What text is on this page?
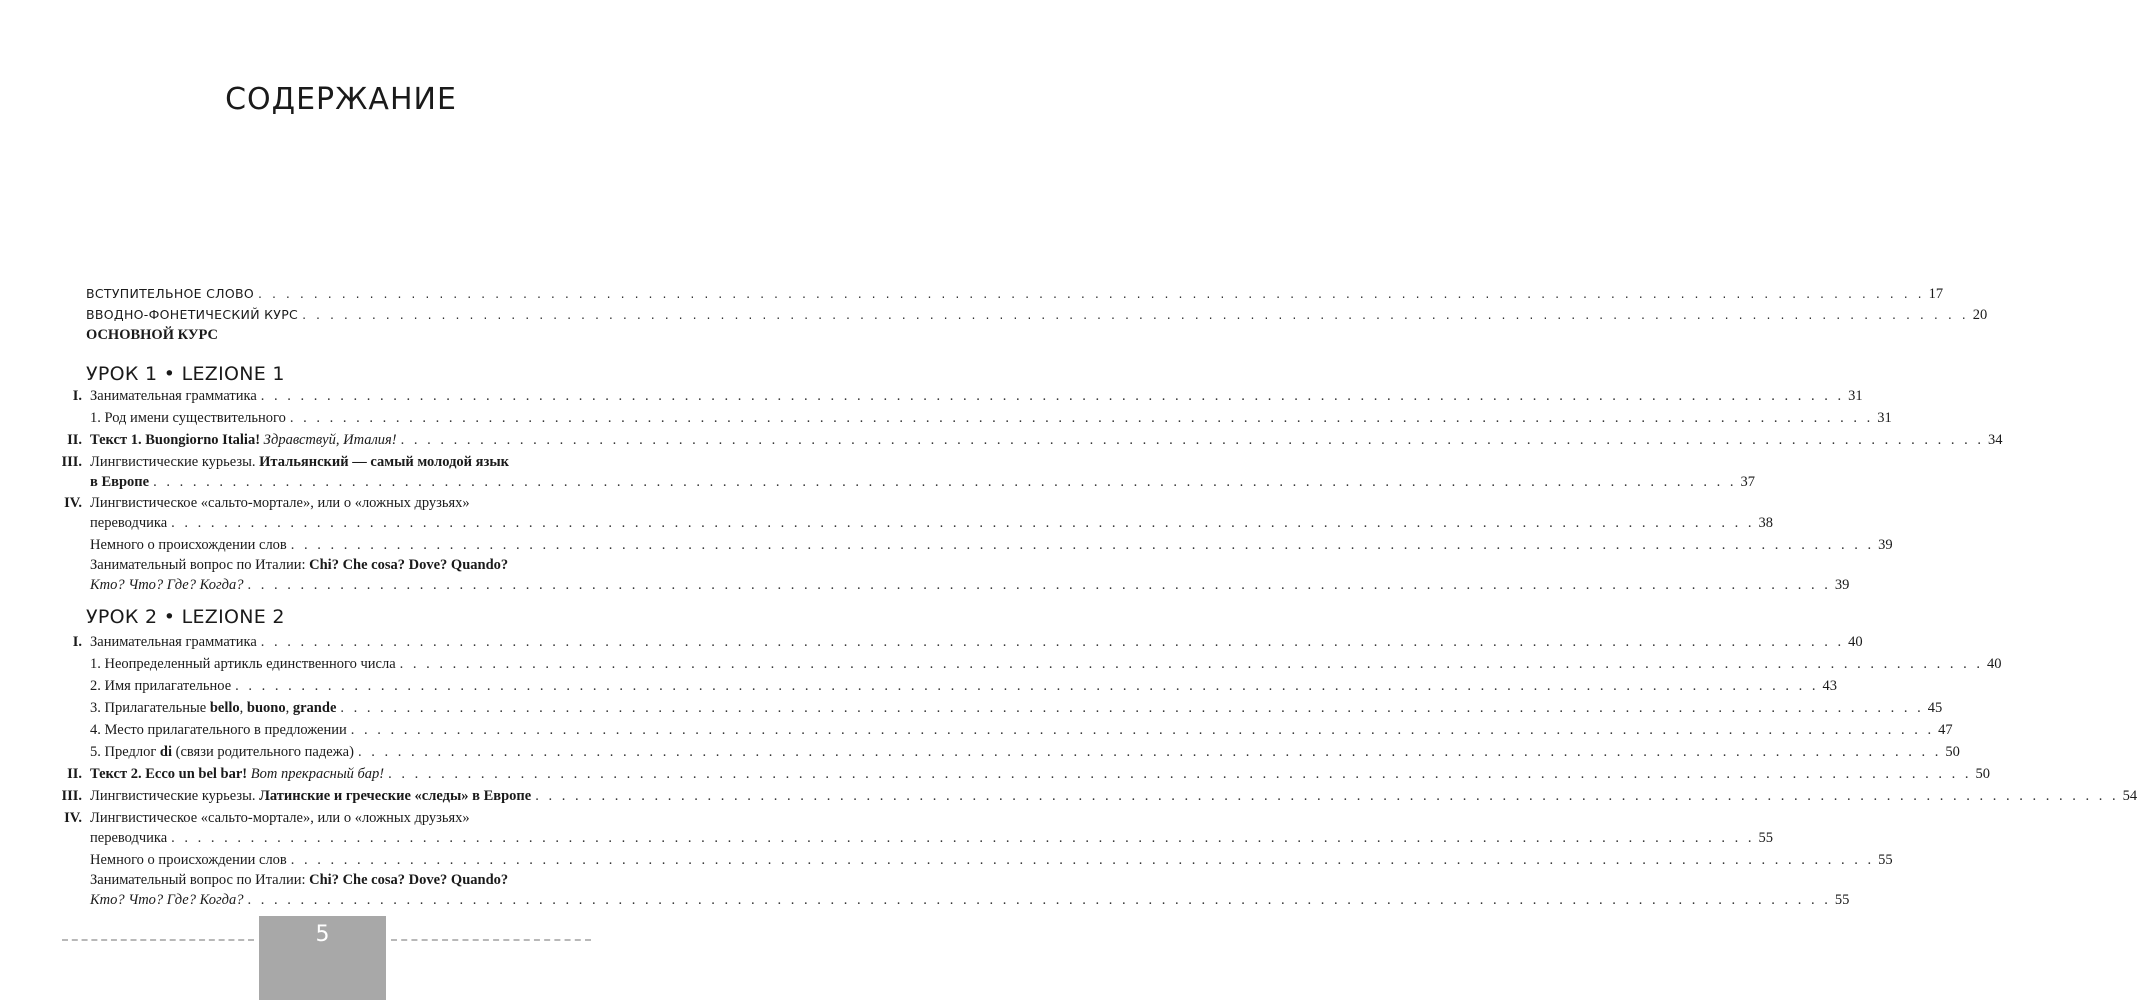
СОДЕРЖАНИЕ
ВСТУПИТЕЛЬНОЕ СЛОВО . . .	17
ВВОДНО-ФОНЕТИЧЕСКИЙ КУРС . . .	20
ОСНОВНОЙ КУРС
УРОК 1 • LEZIONE 1
I. Занимательная грамматика . . .	31
1. Род имени существительного . . .	31
II. Текст 1. Buongiorno Italia! Здравствуй, Италия! . . .	34
III. Лингвистические курьезы. Итальянский — самый молодой язык
в Европе . . .	37
IV. Лингвистическое «сальто-мортале», или о «ложных друзьях»
переводчика . . .	38
Немного о происхождении слов . . .	39
Занимательный вопрос по Италии: Chi? Che cosa? Dove? Quando?
Кто? Что? Где? Когда? . . .	39
УРОК 2 • LEZIONE 2
I. Занимательная грамматика . . .	40
1. Неопределенный артикль единственного числа . . .	40
2. Имя прилагательное . . .	43
3. Прилагательные bello, buono, grande . . .	45
4. Место прилагательного в предложении . . .	47
5. Предлог di (связи родительного падежа) . . .	50
II. Текст 2. Ecco un bel bar! Вот прекрасный бар! . . .	50
III. Лингвистические курьезы. Латинские и греческие «следы» в Европе . . .	54
IV. Лингвистическое «сальто-мортале», или о «ложных друзьях»
переводчика . . .	55
Немного о происхождении слов . . .	55
Занимательный вопрос по Италии: Chi? Che cosa? Dove? Quando?
Кто? Что? Где? Когда? . . .	55
5
